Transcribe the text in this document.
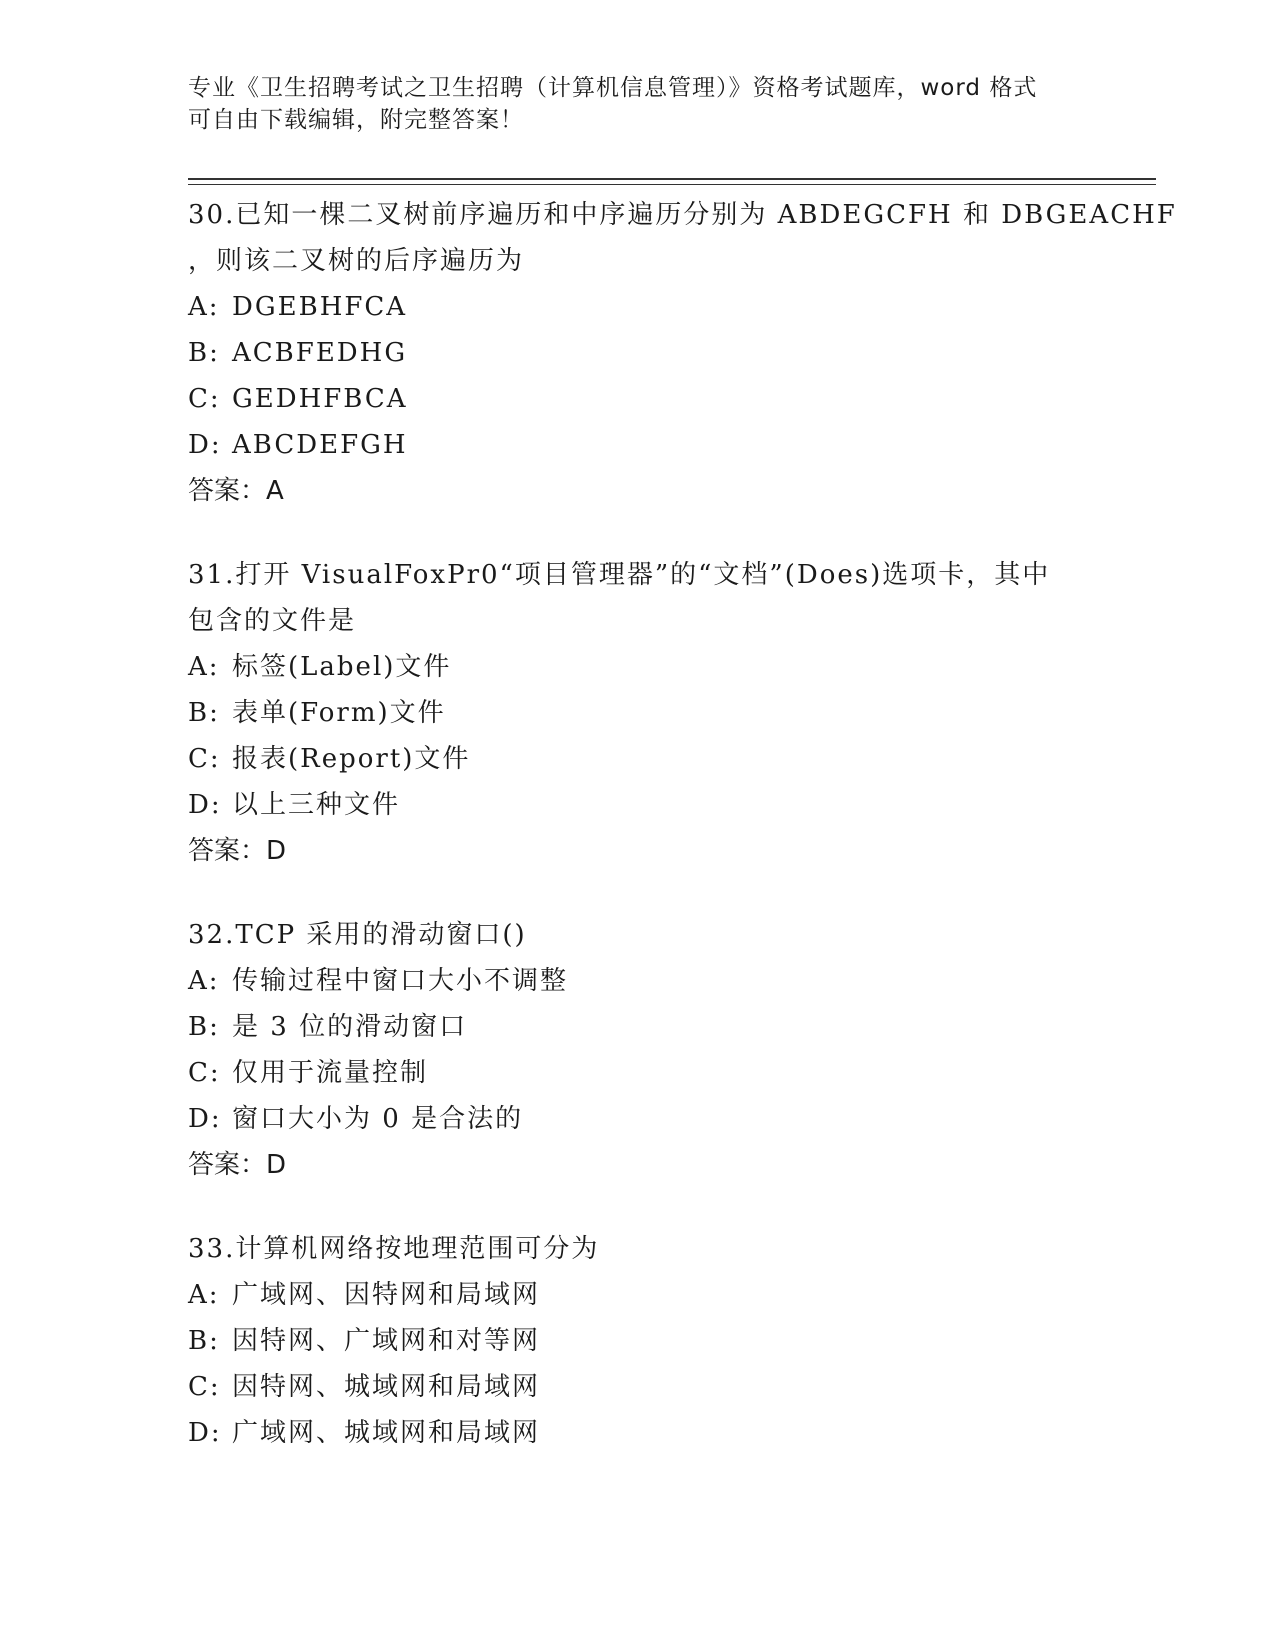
专业《卫生招聘考试之卫生招聘（计算机信息管理）》资格考试题库，word 格式
可自由下载编辑，附完整答案！
30.已知一棵二叉树前序遍历和中序遍历分别为 ABDEGCFH 和 DBGEACHF
，则该二叉树的后序遍历为
A: DGEBHFCA
B: ACBFEDHG
C: GEDHFBCA
D: ABCDEFGH
答案：A
31.打开 VisualFoxPr0“项目管理器”的“文档”(Does)选项卡，其中
包含的文件是
A: 标签(Label)文件
B: 表单(Form)文件
C: 报表(Report)文件
D: 以上三种文件
答案：D
32.TCP 采用的滑动窗口()
A: 传输过程中窗口大小不调整
B: 是 3 位的滑动窗口
C: 仅用于流量控制
D: 窗口大小为 0 是合法的
答案：D
33.计算机网络按地理范围可分为
A: 广域网、因特网和局域网
B: 因特网、广域网和对等网
C: 因特网、城域网和局域网
D: 广域网、城域网和局域网
